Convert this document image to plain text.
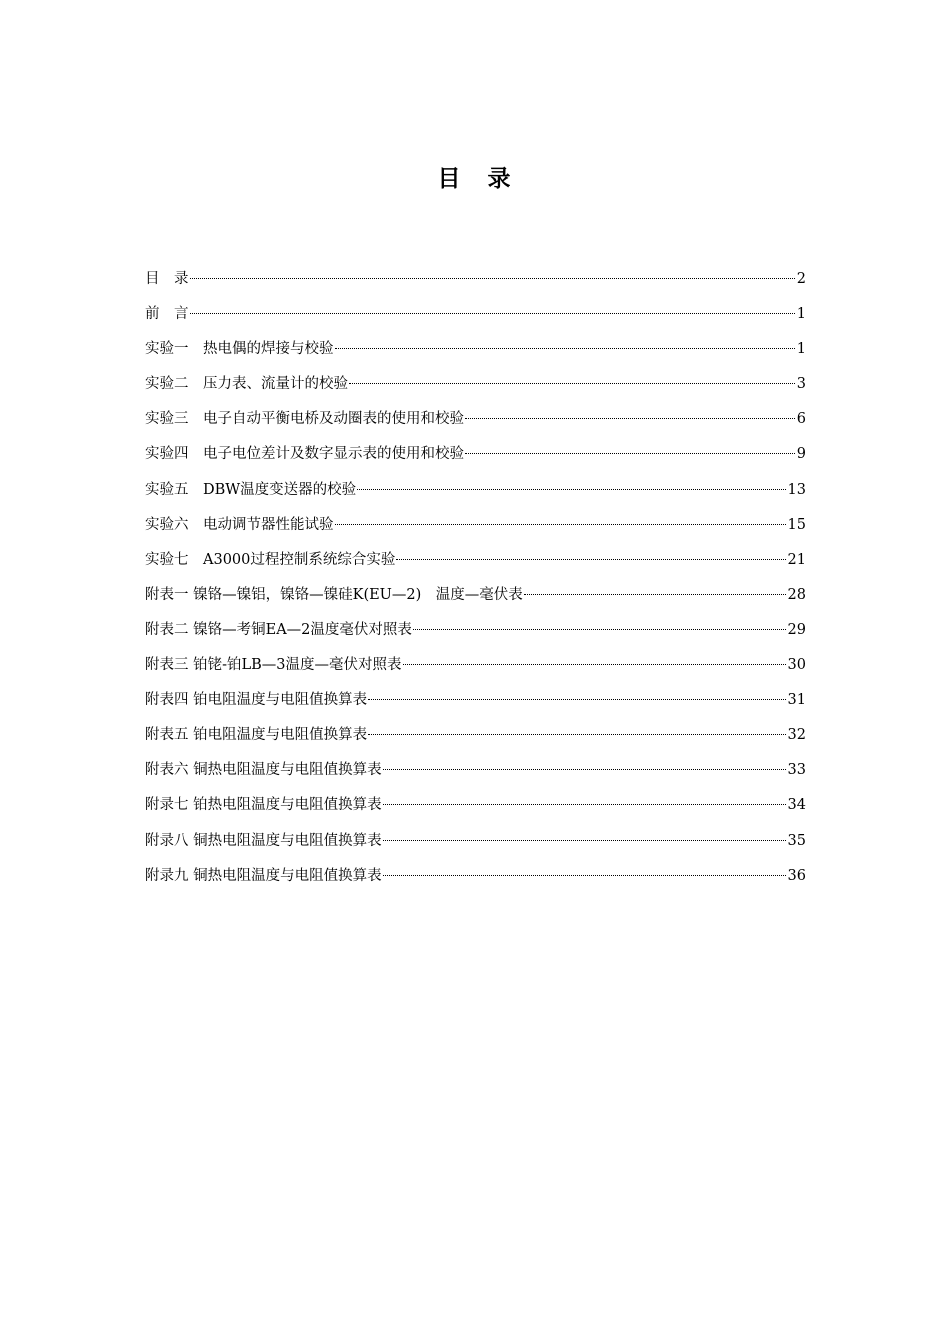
目　录
目　录	2
前　言	1
实验一　热电偶的焊接与校验	1
实验二　压力表、流量计的校验	3
实验三　电子自动平衡电桥及动圈表的使用和校验	6
实验四　电子电位差计及数字显示表的使用和校验	9
实验五　DBW温度变送器的校验	13
实验六　电动调节器性能试验	15
实验七　A3000过程控制系统综合实验	21
附表一 镍铬—镍铝，镍铬—镍硅K(EU—2)　温度—毫伏表	28
附表二 镍铬—考铜EA—2温度毫伏对照表	29
附表三 铂铑-铂LB—3温度—毫伏对照表	30
附表四 铂电阻温度与电阻值换算表	31
附表五 铂电阻温度与电阻值换算表	32
附表六 铜热电阻温度与电阻值换算表	33
附录七 铂热电阻温度与电阻值换算表	34
附录八 铜热电阻温度与电阻值换算表	35
附录九 铜热电阻温度与电阻值换算表	36
